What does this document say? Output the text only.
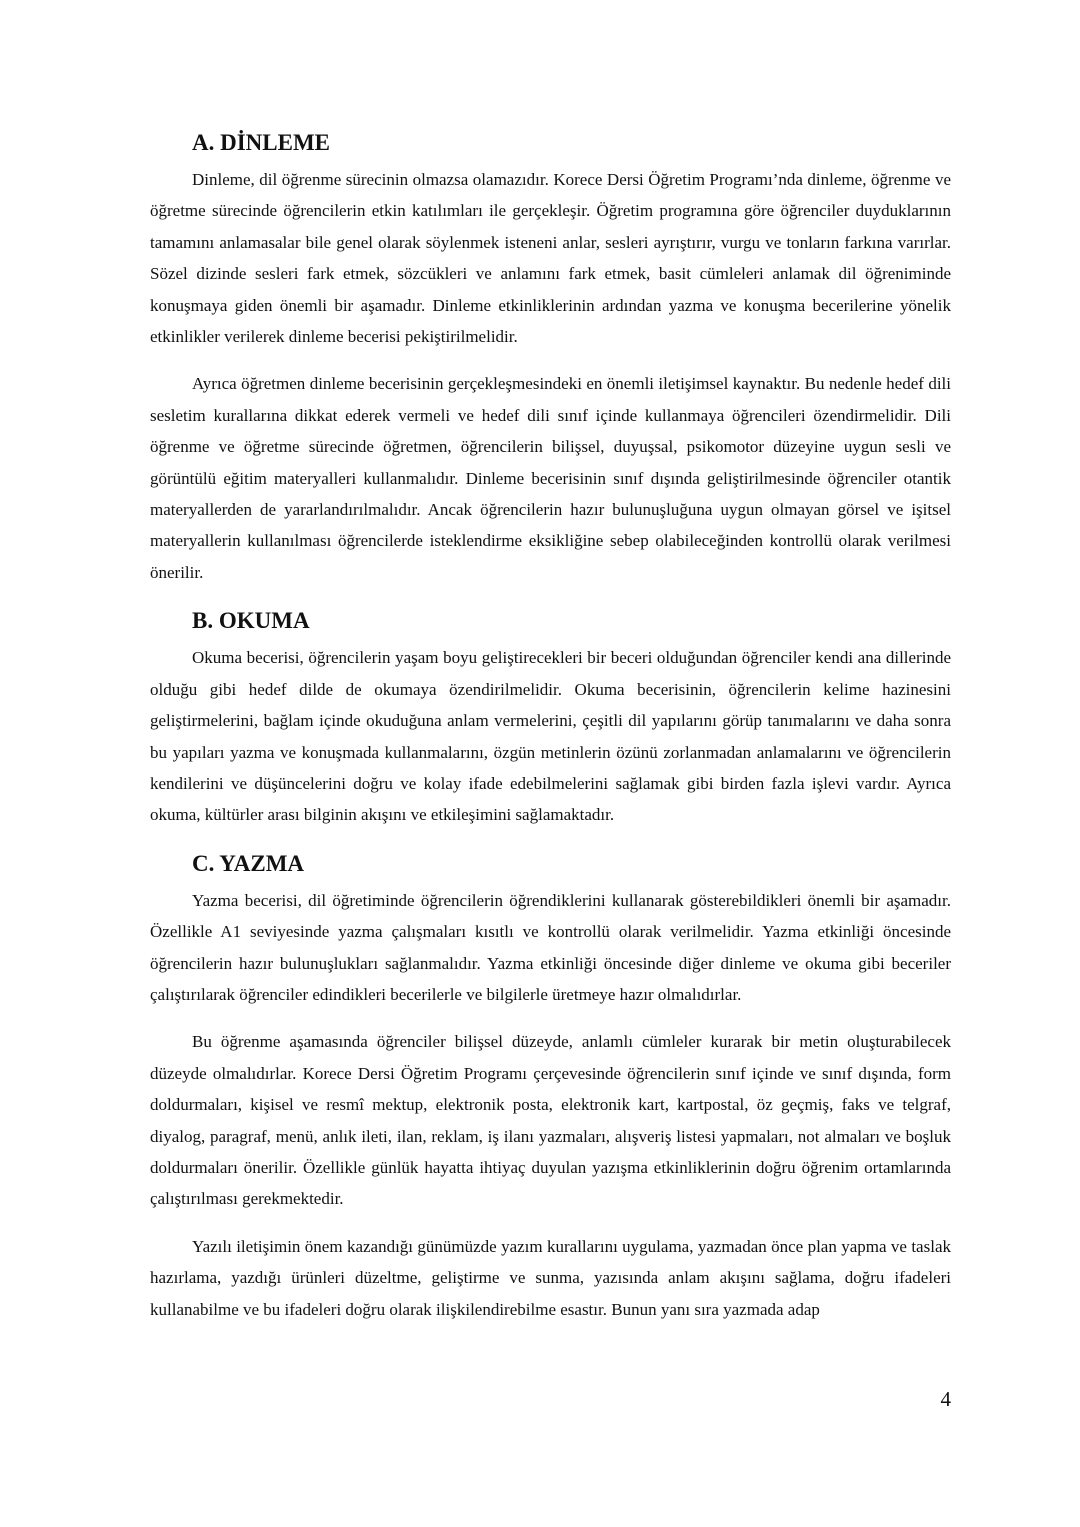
A. DİNLEME

Dinleme, dil öğrenme sürecinin olmazsa olamazıdır. Korece Dersi Öğretim Programı’nda dinleme, öğrenme ve öğretme sürecinde öğrencilerin etkin katılımları ile gerçekleşir. Öğretim programına göre öğrenciler duyduklarının tamamını anlamasalar bile genel olarak söylenmek isteneni anlar, sesleri ayrıştırır, vurgu ve tonların farkına varırlar. Sözel dizinde sesleri fark etmek, sözcükleri ve anlamını fark etmek, basit cümleleri anlamak dil öğreniminde konuşmaya giden önemli bir aşamadır. Dinleme etkinliklerinin ardından yazma ve konuşma becerilerine yönelik etkinlikler verilerek dinleme becerisi pekiştirilmelidir.

Ayrıca öğretmen dinleme becerisinin gerçekleşmesindeki en önemli iletişimsel kaynaktır. Bu nedenle hedef dili sesletim kurallarına dikkat ederek vermeli ve hedef dili sınıf içinde kullanmaya öğrencileri özendirmelidir. Dili öğrenme ve öğretme sürecinde öğretmen, öğrencilerin bilişsel, duyuşsal, psikomotor düzeyine uygun sesli ve görüntülü eğitim materyalleri kullanmalıdır. Dinleme becerisinin sınıf dışında geliştirilmesinde öğrenciler otantik materyallerden de yararlandırılmalıdır. Ancak öğrencilerin hazır bulunuşluğuna uygun olmayan görsel ve işitsel materyallerin kullanılması öğrencilerde isteklendirme eksikliğine sebep olabileceğinden kontrollü olarak verilmesi önerilir.

B. OKUMA

Okuma becerisi, öğrencilerin yaşam boyu geliştirecekleri bir beceri olduğundan öğrenciler kendi ana dillerinde olduğu gibi hedef dilde de okumaya özendirilmelidir. Okuma becerisinin, öğrencilerin kelime hazinesini geliştirmelerini, bağlam içinde okuduğuna anlam vermelerini, çeşitli dil yapılarını görüp tanımalarını ve daha sonra bu yapıları yazma ve konuşmada kullanmalarını, özgün metinlerin özünü zorlanmadan anlamalarını ve öğrencilerin kendilerini ve düşüncelerini doğru ve kolay ifade edebilmelerini sağlamak gibi birden fazla işlevi vardır. Ayrıca okuma, kültürler arası bilginin akışını ve etkileşimini sağlamaktadır.

C. YAZMA

Yazma becerisi, dil öğretiminde öğrencilerin öğrendiklerini kullanarak gösterebildikleri önemli bir aşamadır. Özellikle A1 seviyesinde yazma çalışmaları kısıtlı ve kontrollü olarak verilmelidir. Yazma etkinliği öncesinde öğrencilerin hazır bulunuşlukları sağlanmalıdır. Yazma etkinliği öncesinde diğer dinleme ve okuma gibi beceriler çalıştırılarak öğrenciler edindikleri becerilerle ve bilgilerle üretmeye hazır olmalıdırlar.

Bu öğrenme aşamasında öğrenciler bilişsel düzeyde, anlamlı cümleler kurarak bir metin oluşturabilecek düzeyde olmalıdırlar. Korece Dersi Öğretim Programı çerçevesinde öğrencilerin sınıf içinde ve sınıf dışında, form doldurmaları, kişisel ve resmî mektup, elektronik posta, elektronik kart, kartpostal, öz geçmiş, faks ve telgraf, diyalog, paragraf, menü, anlık ileti, ilan, reklam, iş ilanı yazmaları, alışveriş listesi yapmaları, not almaları ve boşluk doldurmaları önerilir. Özellikle günlük hayatta ihtiyaç duyulan yazışma etkinliklerinin doğru öğrenim ortamlarında çalıştırılması gerekmektedir.

Yazılı iletişimin önem kazandığı günümüzde yazım kurallarını uygulama, yazmadan önce plan yapma ve taslak hazırlama, yazdığı ürünleri düzeltme, geliştirme ve sunma, yazısında anlam akışını sağlama, doğru ifadeleri kullanabilme ve bu ifadeleri doğru olarak ilişkilendirebilme esastır. Bunun yanı sıra yazmada adap

4
